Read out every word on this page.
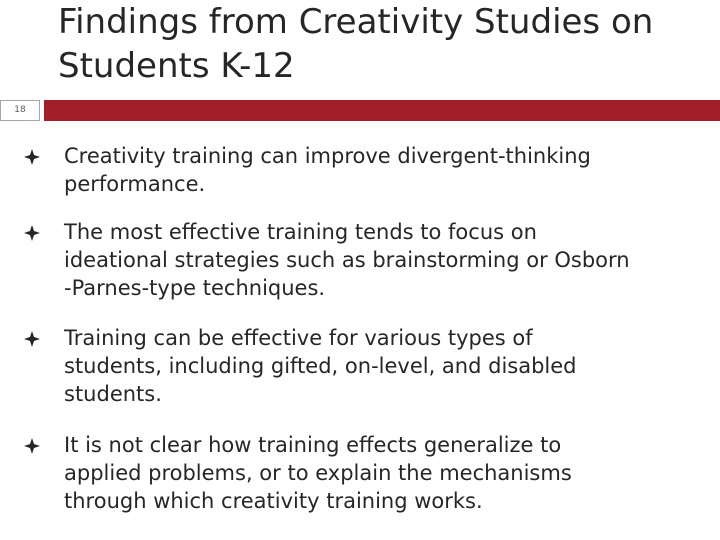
Findings from Creativity Studies on
Students K-12
18
Creativity training can improve divergent-thinking
performance.
The most effective training tends to focus on
ideational strategies such as brainstorming or Osborn
-Parnes-type techniques.
Training can be effective for various types of
students, including gifted, on-level, and disabled
students.
It is not clear how training effects generalize to
applied problems, or to explain the mechanisms
through which creativity training works.
